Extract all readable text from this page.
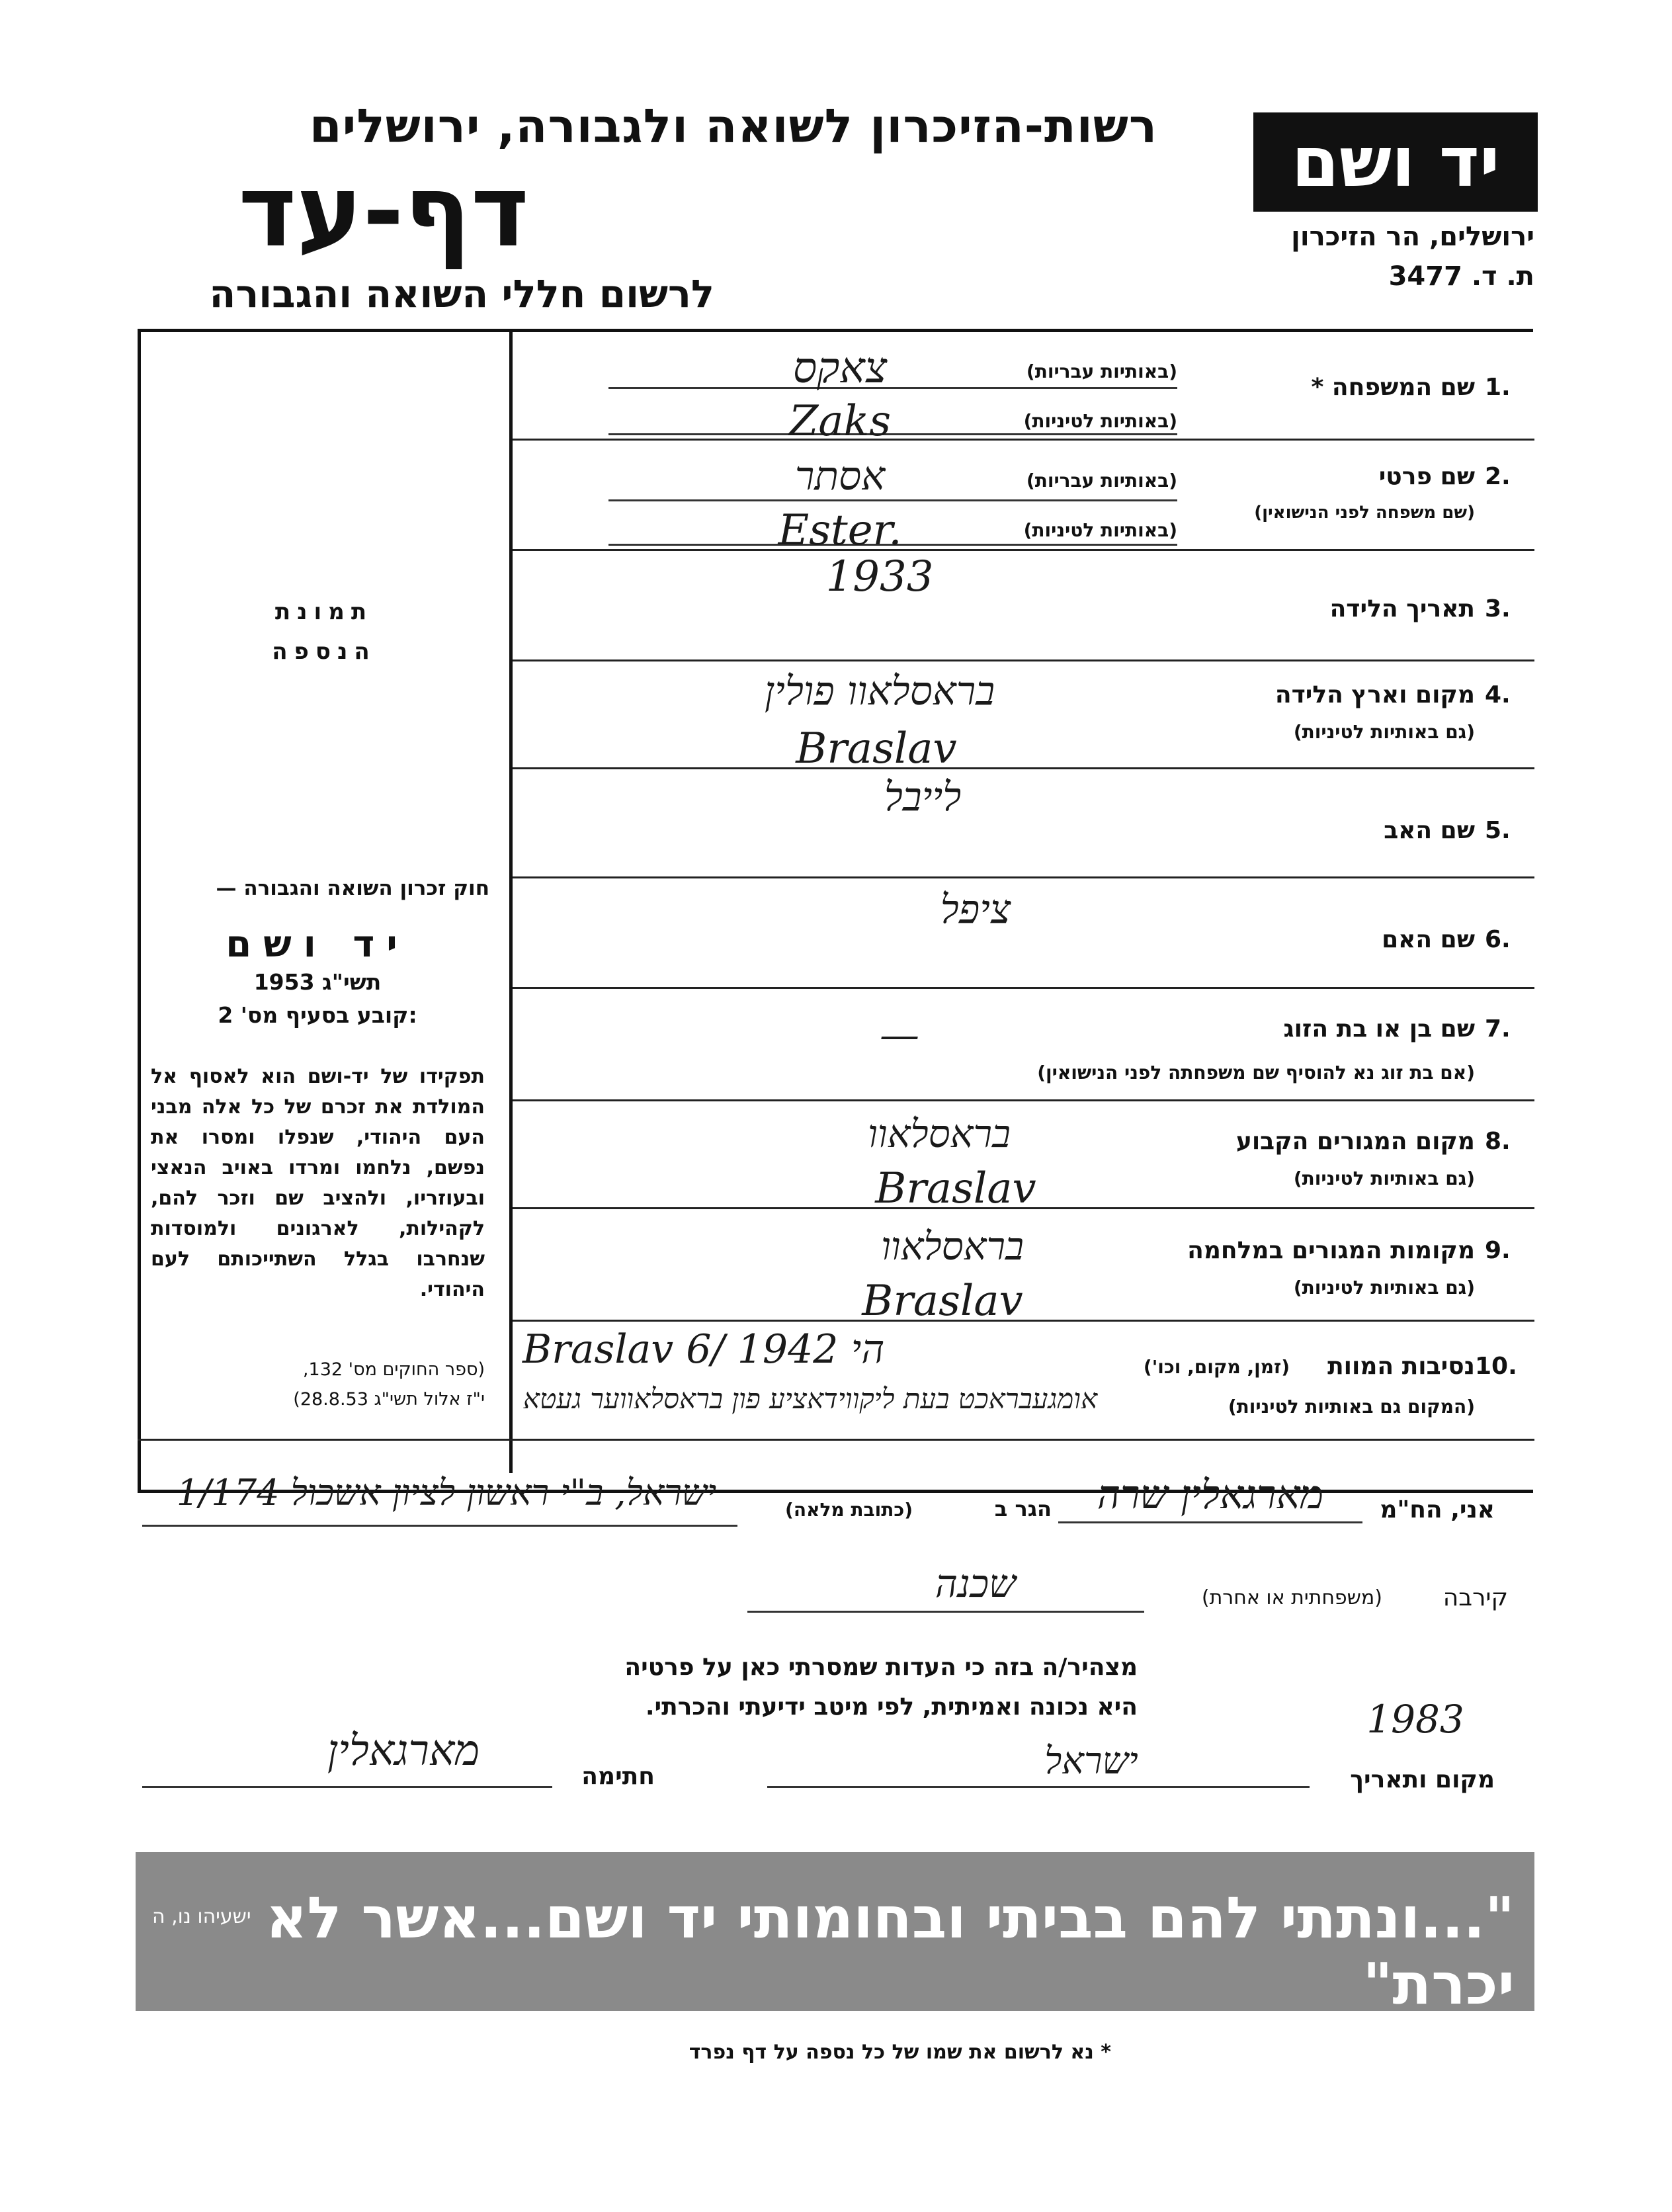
רשות-הזיכרון לשואה ולגבורה, ירושלים
דף-עד
לרשום חללי השואה והגבורה
יד ושם
ירושלים, הר הזיכרון
ת. ד. 3477
תמונת
הנספה
חוק זכרון השואה והגבורה —
יד ושם
תשי"ג 1953
קובע בסעיף מס' 2:
תפקידו של יד-ושם הוא לאסוף אל המולדת את זכרם של כל אלה מבני העם היהודי, שנפלו ומסרו את נפשם, נלחמו ומרדו באויב הנאצי ובעוזריו, ולהציב שם וזכר להם, לקהילות, לארגונים ולמוסדות שנחרבו בגלל השתייכותם לעם היהודי.
(ספר החוקים מס' 132,
י"ז אלול תשי"ג 28.8.53)
1.
שם המשפחה *
(באותיות עבריות)
(באותיות לטיניות)
צאקס
Zaks
2.
שם פרטי
(שם משפחה לפני הנישואין)
(באותיות עבריות)
(באותיות לטיניות)
אסתר
Ester.
3.
תאריך הלידה
1933
4.
מקום וארץ הלידה
(גם באותיות לטיניות)
בראסלאוו פולין
Braslav
5.
שם האב
לייבל
6.
שם האם
ציפל
7.
שם בן או בת הזוג
(אם בת זוג נא להוסיף שם משפחתה לפני הנישואין)
—
8.
מקום המגורים הקבוע
(גם באותיות לטיניות)
בראסלאוו
Braslav
9.
מקומות המגורים במלחמה
(גם באותיות לטיניות)
בראסלאוו
Braslav
10.
נסיבות המוות
(זמן, מקום, וכו')
(המקום גם באותיות לטיניות)
Braslav 6/ הי 1942
אומגעבראכט בעת ליקווידאציע פון בראסלאווער געטא
אני, הח"מ
מארגאלין שרה
הגר ב
(כתובת מלאה)
ישראל, ב"י ראשון לציון אשכול 1/174
קירבה
(משפחתית או אחרת)
שכנה
מצהיר/ה בזה כי העדות שמסרתי כאן על פרטיה
היא נכונה ואמיתית, לפי מיטב ידיעתי והכרתי.	1983
מקום ותאריך
ישראל
חתימה
מארגאלין
"...ונתתי להם בביתי ובחומותי יד ושם...אשר לא יכרת"
ישעיהו נו, ה
* נא לרשום את שמו של כל נספה על דף נפרד
